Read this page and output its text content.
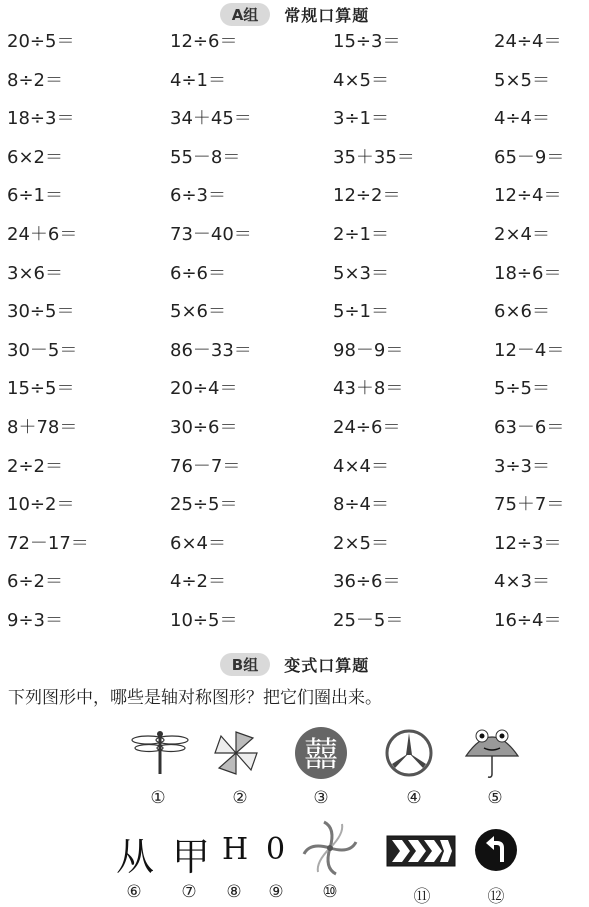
A组	常规口算题
20÷5＝	12÷6＝	15÷3＝	24÷4＝
8÷2＝	4÷1＝	4×5＝	5×5＝
18÷3＝	34＋45＝	3÷1＝	4÷4＝
6×2＝	55－8＝	35＋35＝	65－9＝
6÷1＝	6÷3＝	12÷2＝	12÷4＝
24＋6＝	73－40＝	2÷1＝	2×4＝
3×6＝	6÷6＝	5×3＝	18÷6＝
30÷5＝	5×6＝	5÷1＝	6×6＝
30－5＝	86－33＝	98－9＝	12－4＝
15÷5＝	20÷4＝	43＋8＝	5÷5＝
8＋78＝	30÷6＝	24÷6＝	63－6＝
2÷2＝	76－7＝	4×4＝	3÷3＝
10÷2＝	25÷5＝	8÷4＝	75＋7＝
72－17＝	6×4＝	2×5＝	12÷3＝
6÷2＝	4÷2＝	36÷6＝	4×3＝
9÷3＝	10÷5＝	25－5＝	16÷4＝
B组	变式口算题
下列图形中，哪些是轴对称图形？把它们圈出来。
囍
①	②	③	④	⑤
从 甲 H 0
⑥ ⑦ ⑧ ⑨ ⑩	⑪	⑫
